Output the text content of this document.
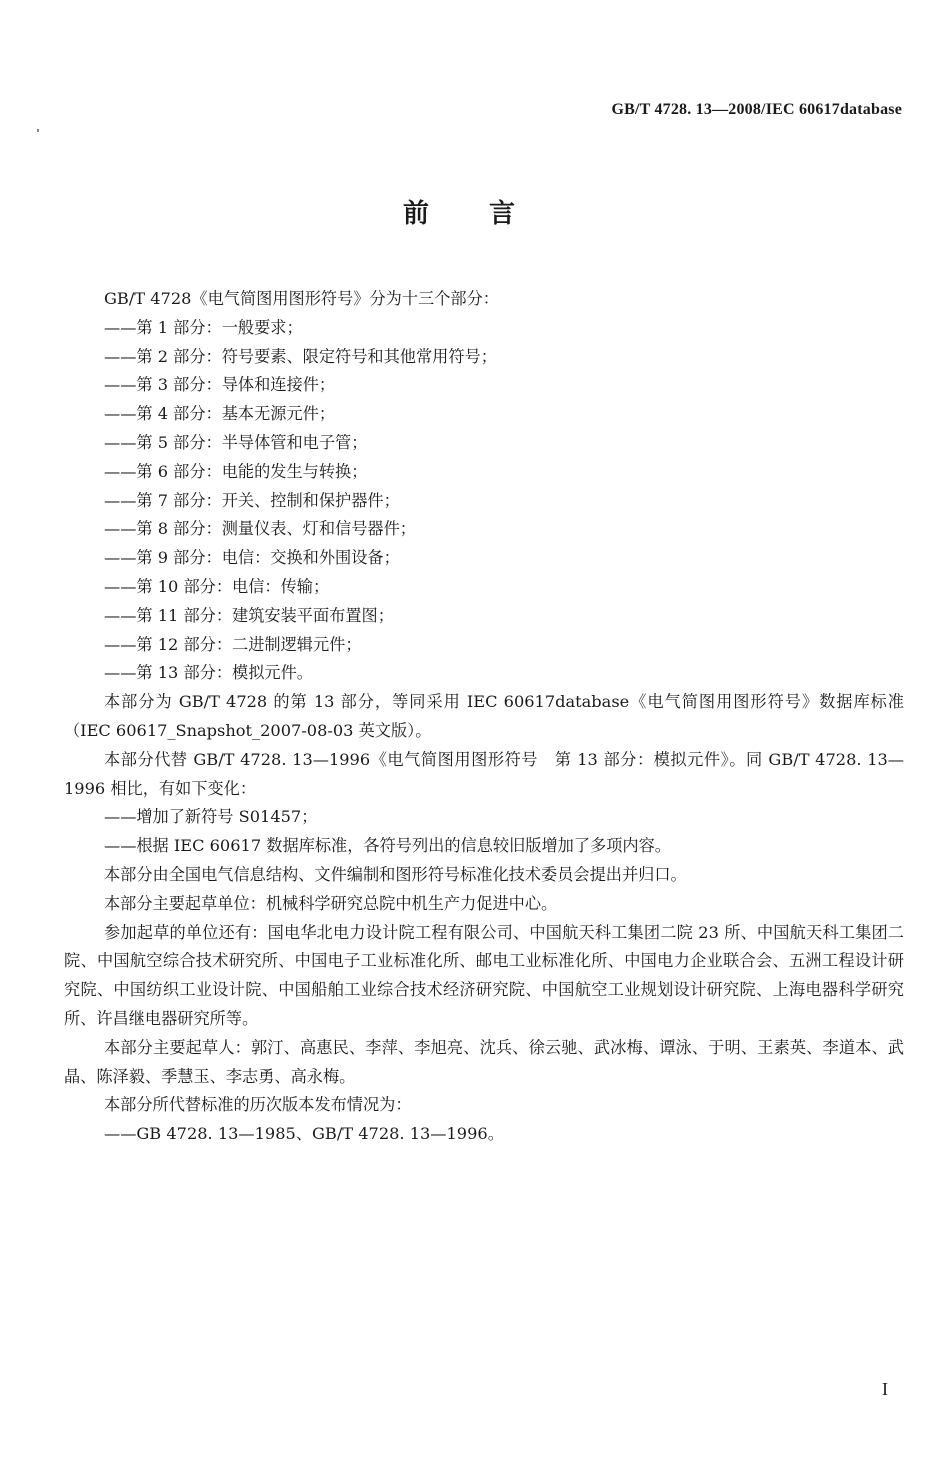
GB/T 4728. 13—2008/IEC 60617database
前言

GB/T 4728《电气简图用图形符号》分为十三个部分：

——第 1 部分：一般要求；

——第 2 部分：符号要素、限定符号和其他常用符号；

——第 3 部分：导体和连接件；

——第 4 部分：基本无源元件；

——第 5 部分：半导体管和电子管；

——第 6 部分：电能的发生与转换；

——第 7 部分：开关、控制和保护器件；

——第 8 部分：测量仪表、灯和信号器件；

——第 9 部分：电信：交换和外围设备；

——第 10 部分：电信：传输；

——第 11 部分：建筑安装平面布置图；

——第 12 部分：二进制逻辑元件；

——第 13 部分：模拟元件。

本部分为 GB/T 4728 的第 13 部分，等同采用 IEC 60617database《电气简图用图形符号》数据库标准（IEC 60617_Snapshot_2007-08-03 英文版）。

本部分代替 GB/T 4728. 13—1996《电气简图用图形符号　第 13 部分：模拟元件》。同 GB/T 4728. 13—1996 相比，有如下变化：

——增加了新符号 S01457；

——根据 IEC 60617 数据库标准，各符号列出的信息较旧版增加了多项内容。

本部分由全国电气信息结构、文件编制和图形符号标准化技术委员会提出并归口。

本部分主要起草单位：机械科学研究总院中机生产力促进中心。

参加起草的单位还有：国电华北电力设计院工程有限公司、中国航天科工集团二院 23 所、中国航天科工集团二院、中国航空综合技术研究所、中国电子工业标准化所、邮电工业标准化所、中国电力企业联合会、五洲工程设计研究院、中国纺织工业设计院、中国船舶工业综合技术经济研究院、中国航空工业规划设计研究院、上海电器科学研究所、许昌继电器研究所等。

本部分主要起草人：郭汀、高惠民、李萍、李旭亮、沈兵、徐云驰、武冰梅、谭泳、于明、王素英、李道本、武晶、陈泽毅、季慧玉、李志勇、高永梅。

本部分所代替标准的历次版本发布情况为：

——GB 4728. 13—1985、GB/T 4728. 13—1996。

I
